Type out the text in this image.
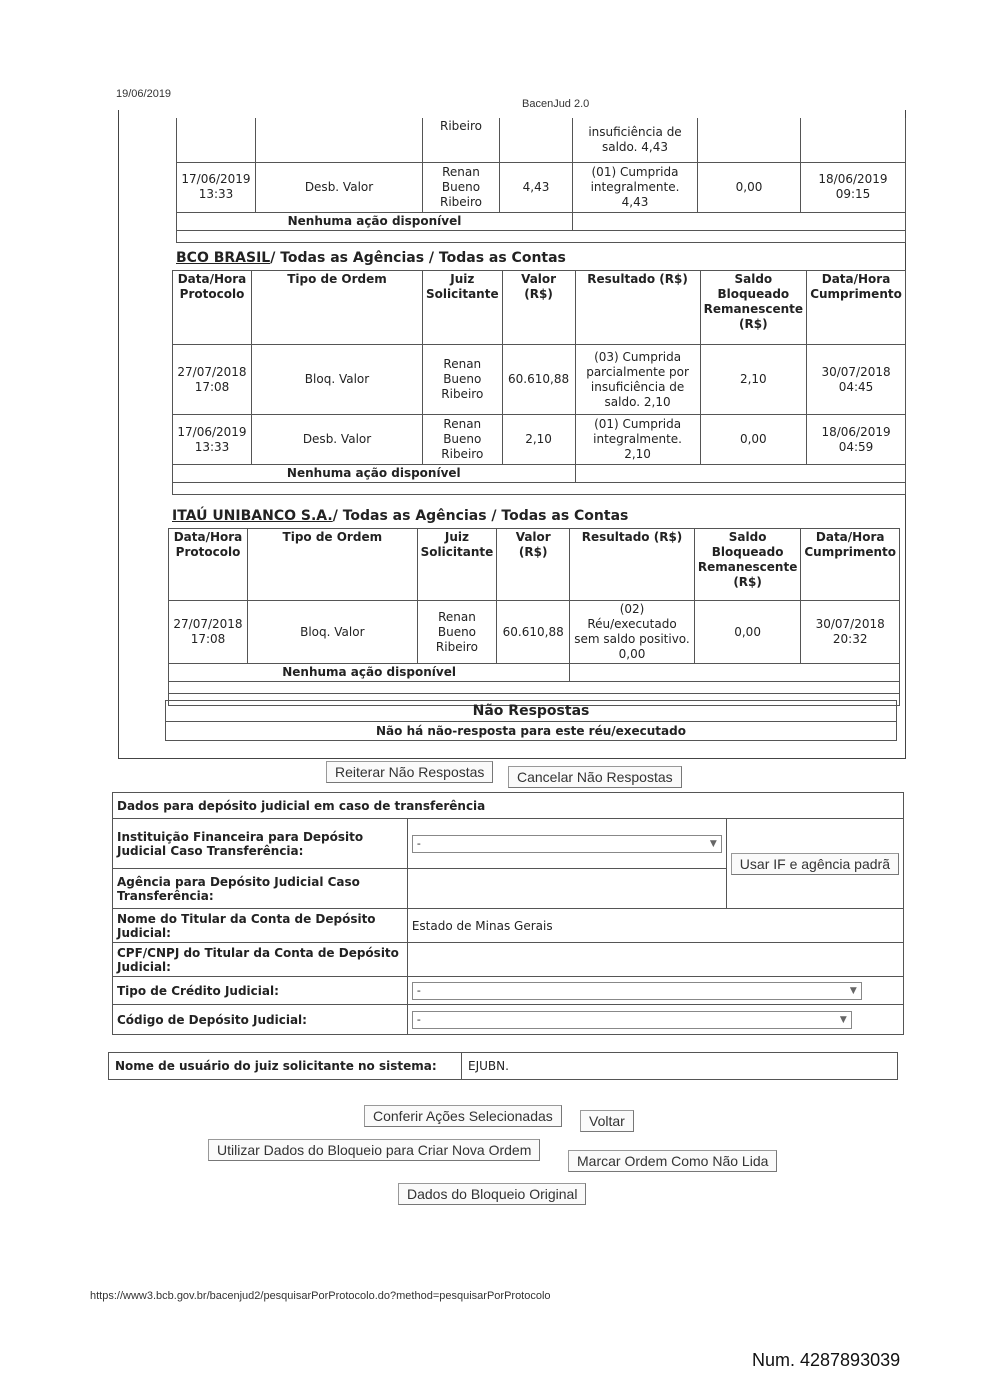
19/06/2019
BacenJud 2.0
		Ribeiro		insuficiência de saldo. 4,43		
17/06/2019 13:33	Desb. Valor	Renan Bueno Ribeiro	4,43	(01) Cumprida integralmente. 4,43	0,00	18/06/2019 09:15
Nenhuma ação disponível						

BCO BRASIL/ Todas as Agências / Todas as Contas
Data/Hora Protocolo	Tipo de Ordem	Juiz Solicitante	Valor (R$)	Resultado (R$)	Saldo Bloqueado Remanescente (R$)	Data/Hora Cumprimento
27/07/2018 17:08	Bloq. Valor	Renan Bueno Ribeiro	60.610,88	(03) Cumprida parcialmente por insuficiência de saldo. 2,10	2,10	30/07/2018 04:45
17/06/2019 13:33	Desb. Valor	Renan Bueno Ribeiro	2,10	(01) Cumprida integralmente. 2,10	0,00	18/06/2019 04:59
Nenhuma ação disponível						

ITAÚ UNIBANCO S.A./ Todas as Agências / Todas as Contas
Data/Hora Protocolo	Tipo de Ordem	Juiz Solicitante	Valor (R$)	Resultado (R$)	Saldo Bloqueado Remanescente (R$)	Data/Hora Cumprimento
27/07/2018 17:08	Bloq. Valor	Renan Bueno Ribeiro	60.610,88	(02) Réu/executado sem saldo positivo. 0,00	0,00	30/07/2018 20:32
Nenhuma ação disponível						

Não Respostas
Não há não-resposta para este réu/executado
Reiterar Não Respostas	Cancelar Não Respostas
Dados para depósito judicial em caso de transferência		
Instituição Financeira para Depósito Judicial Caso Transferência:	- ▼	Usar IF e agência padrã
Agência para Depósito Judicial Caso Transferência:		
Nome do Titular da Conta de Depósito Judicial:	Estado de Minas Gerais	
CPF/CNPJ do Titular da Conta de Depósito Judicial:		
Tipo de Crédito Judicial:	- ▼	

Código de Depósito Judicial:	- ▼	
Nome de usuário do juiz solicitante no sistema:	EJUBN.
Conferir Ações Selecionadas	Voltar
Utilizar Dados do Bloqueio para Criar Nova Ordem
Marcar Ordem Como Não Lida
Dados do Bloqueio Original
https://www3.bcb.gov.br/bacenjud2/pesquisarPorProtocolo.do?method=pesquisarPorProtocolo
Num. 4287893039
